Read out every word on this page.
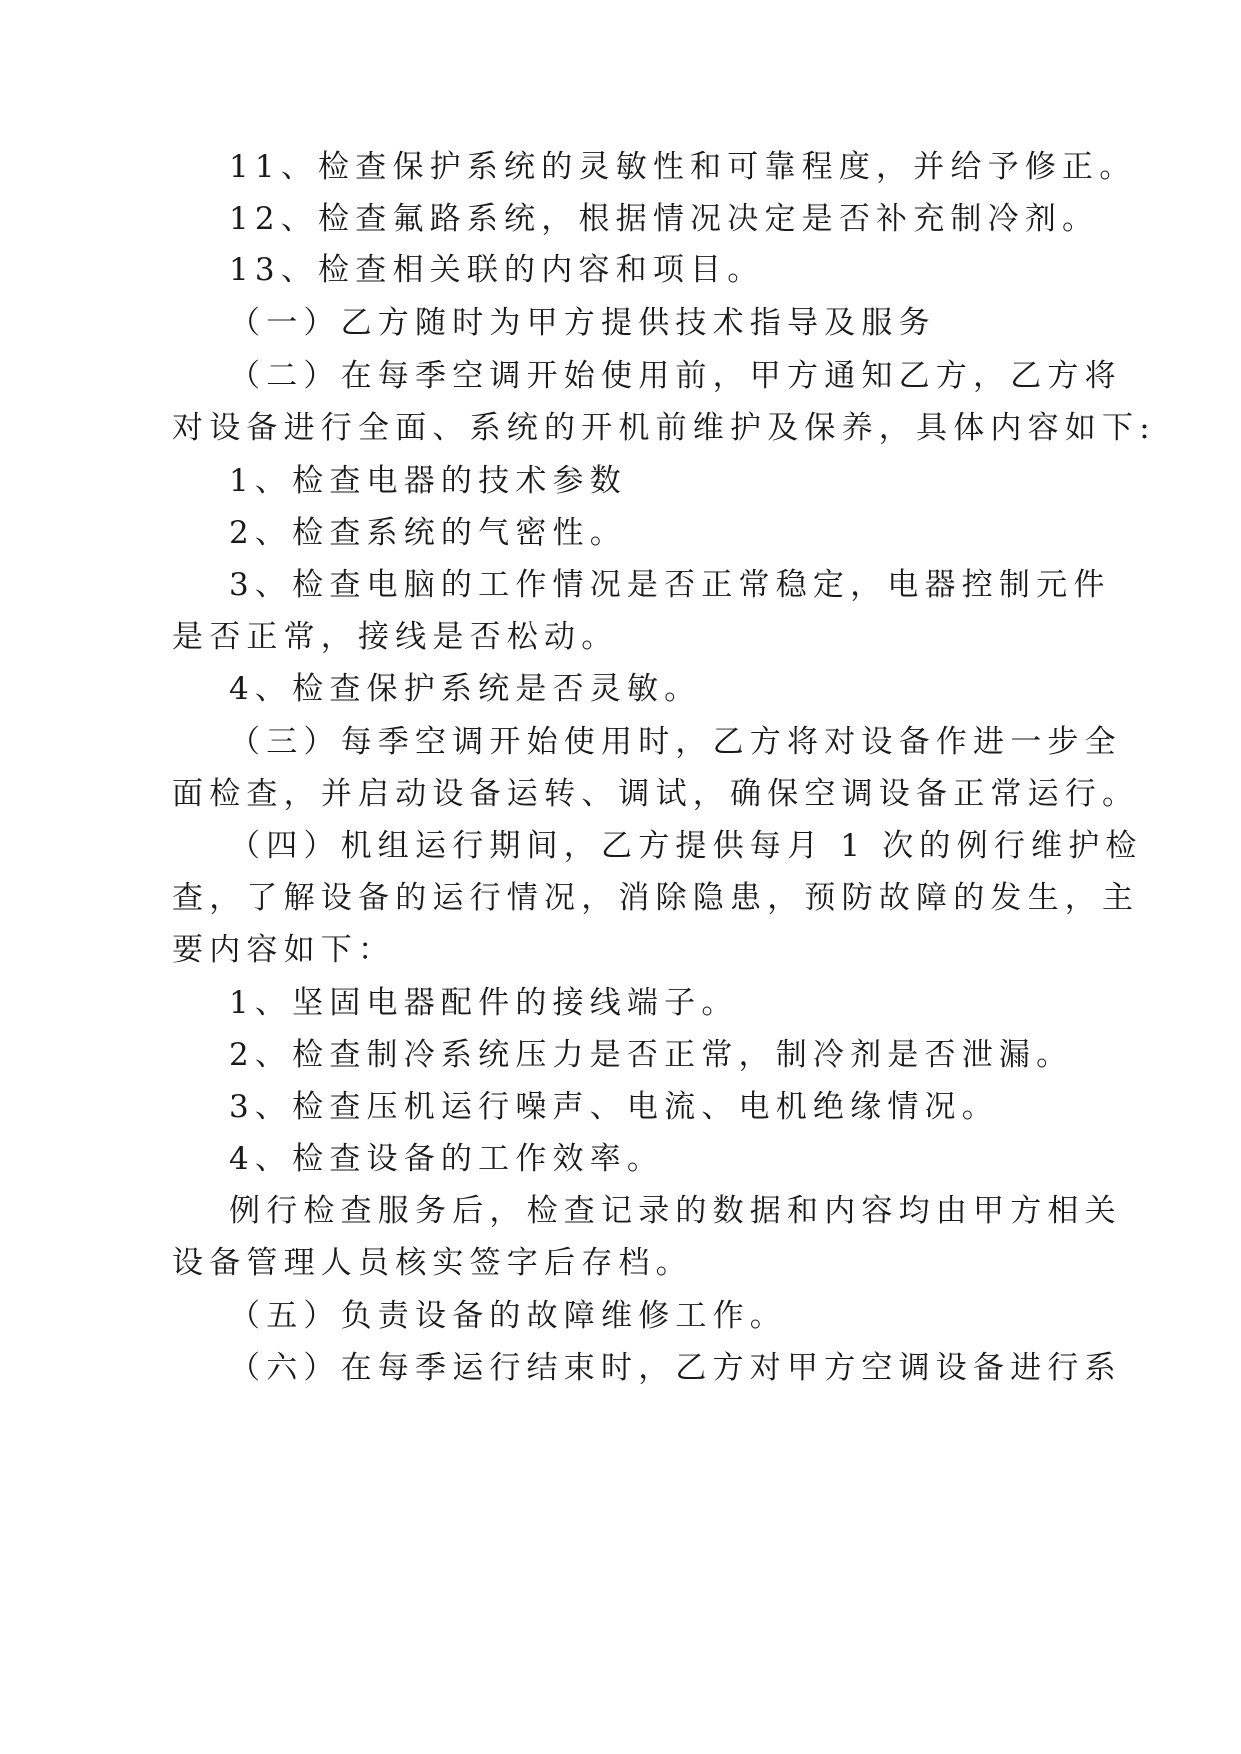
11、检查保护系统的灵敏性和可靠程度，并给予修正。
12、检查氟路系统，根据情况决定是否补充制冷剂。
13、检查相关联的内容和项目。
（一）乙方随时为甲方提供技术指导及服务
（二）在每季空调开始使用前，甲方通知乙方，乙方将
对设备进行全面、系统的开机前维护及保养，具体内容如下:
1、检查电器的技术参数
2、检查系统的气密性。
3、检查电脑的工作情况是否正常稳定，电器控制元件
是否正常，接线是否松动。
4、检查保护系统是否灵敏。
（三）每季空调开始使用时，乙方将对设备作进一步全
面检查，并启动设备运转、调试，确保空调设备正常运行。
（四）机组运行期间，乙方提供每月 1 次的例行维护检
查，了解设备的运行情况，消除隐患，预防故障的发生，主
要内容如下：
1、坚固电器配件的接线端子。
2、检查制冷系统压力是否正常，制冷剂是否泄漏。
3、检查压机运行噪声、电流、电机绝缘情况。
4、检查设备的工作效率。
例行检查服务后，检查记录的数据和内容均由甲方相关
设备管理人员核实签字后存档。
（五）负责设备的故障维修工作。
（六）在每季运行结束时，乙方对甲方空调设备进行系
